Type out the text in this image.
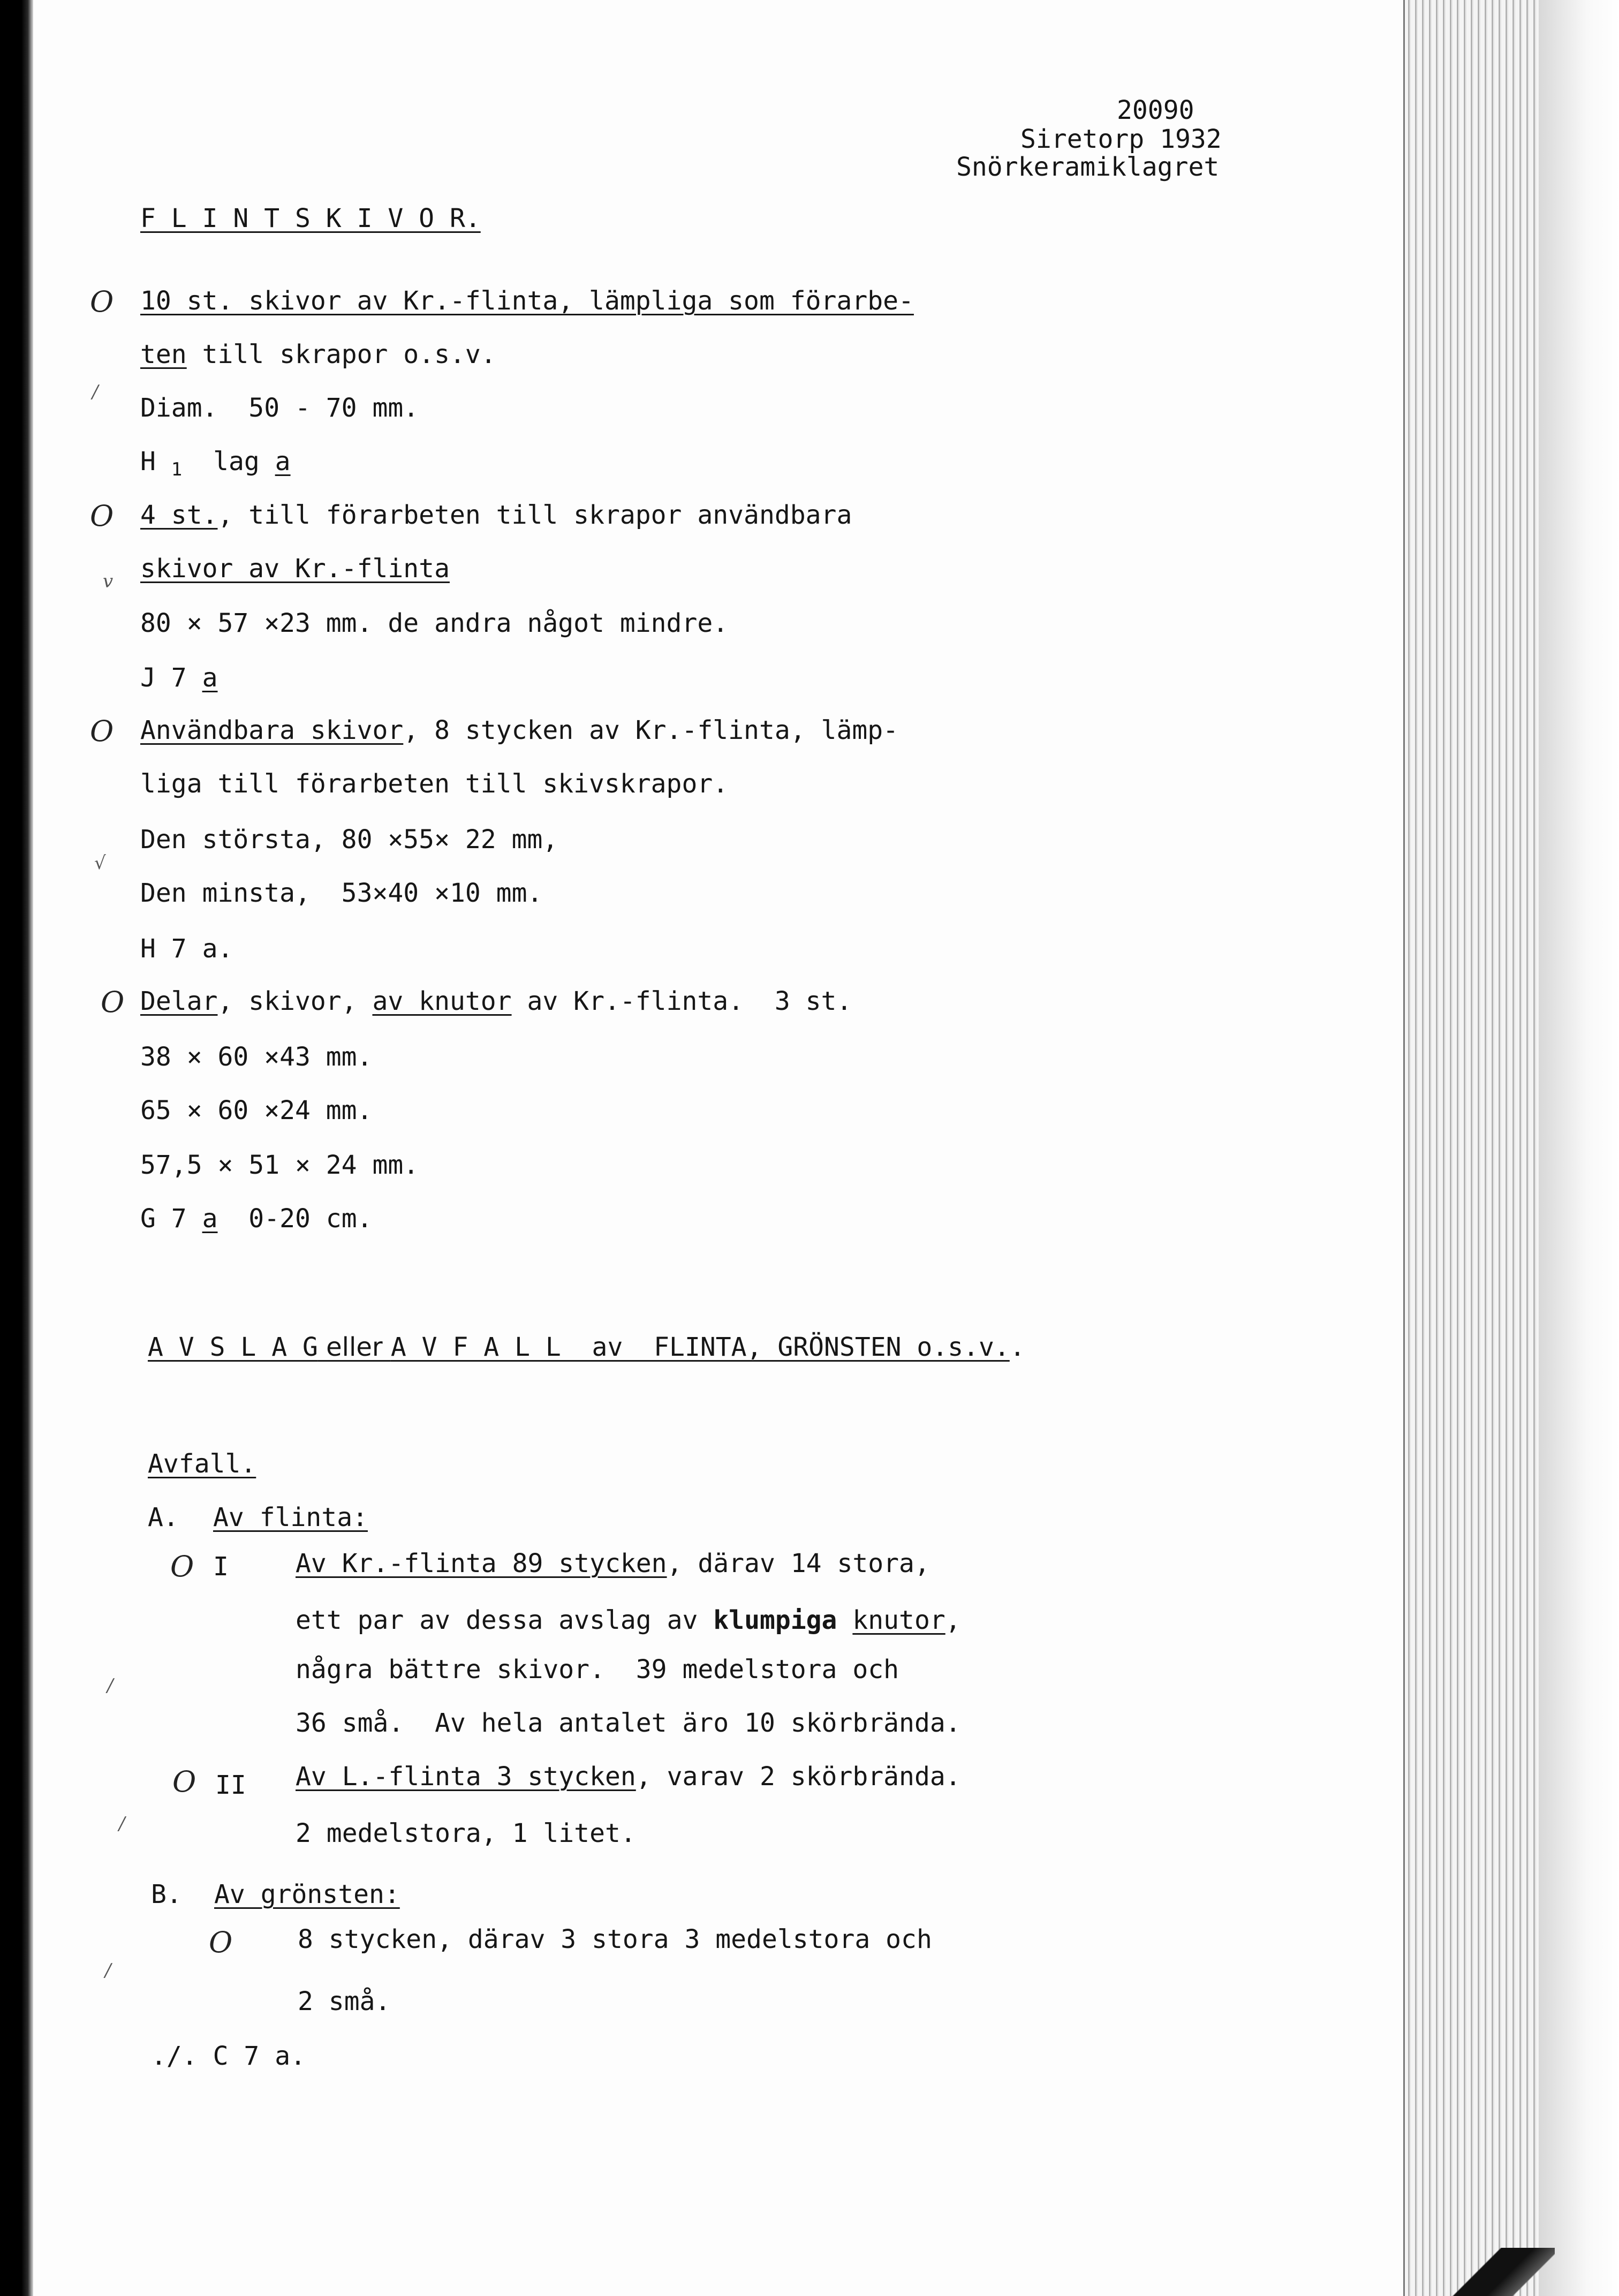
20090
Siretorp 1932
Snörkeramiklagret
F L I N T S K I V O R.
O 10 st. skivor av Kr.-flinta, lämpliga som förarbe-
ten till skrapor o.s.v.
/
Diam.  50 - 70 mm.
H $_1$  lag a
O 4 st., till förarbeten till skrapor användbara
v skivor av Kr.-flinta
80 × 57 ×23 mm. de andra något mindre.
J 7 a
O Användbara skivor, 8 stycken av Kr.-flinta, lämp-
liga till förarbeten till skivskrapor.
Den största, 80 ×55× 22 mm,
√
Den minsta,  53×40 ×10 mm.
H 7 a.
O Delar, skivor, av knutor av Kr.-flinta.  3 st.
38 × 60 ×43 mm.
65 × 60 ×24 mm.
57,5 × 51 × 24 mm.
G 7 a  0-20 cm.
A V S L A G eller A V F A L L  av  FLINTA, GRÖNSTEN o.s.v..
Avfall.
A. Av flinta:
O I	Av Kr.-flinta 89 stycken, därav 14 stora,
ett par av dessa avslag av klumpiga knutor,
några bättre skivor.  39 medelstora och
36 små.  Av hela antalet äro 10 skörbrända.
O II Av L.-flinta 3 stycken, varav 2 skörbrända.
2 medelstora, 1 litet.
B. Av grönsten:
O	8 stycken, därav 3 stora 3 medelstora och
2 små.
./. C 7 a.
/
/
/
